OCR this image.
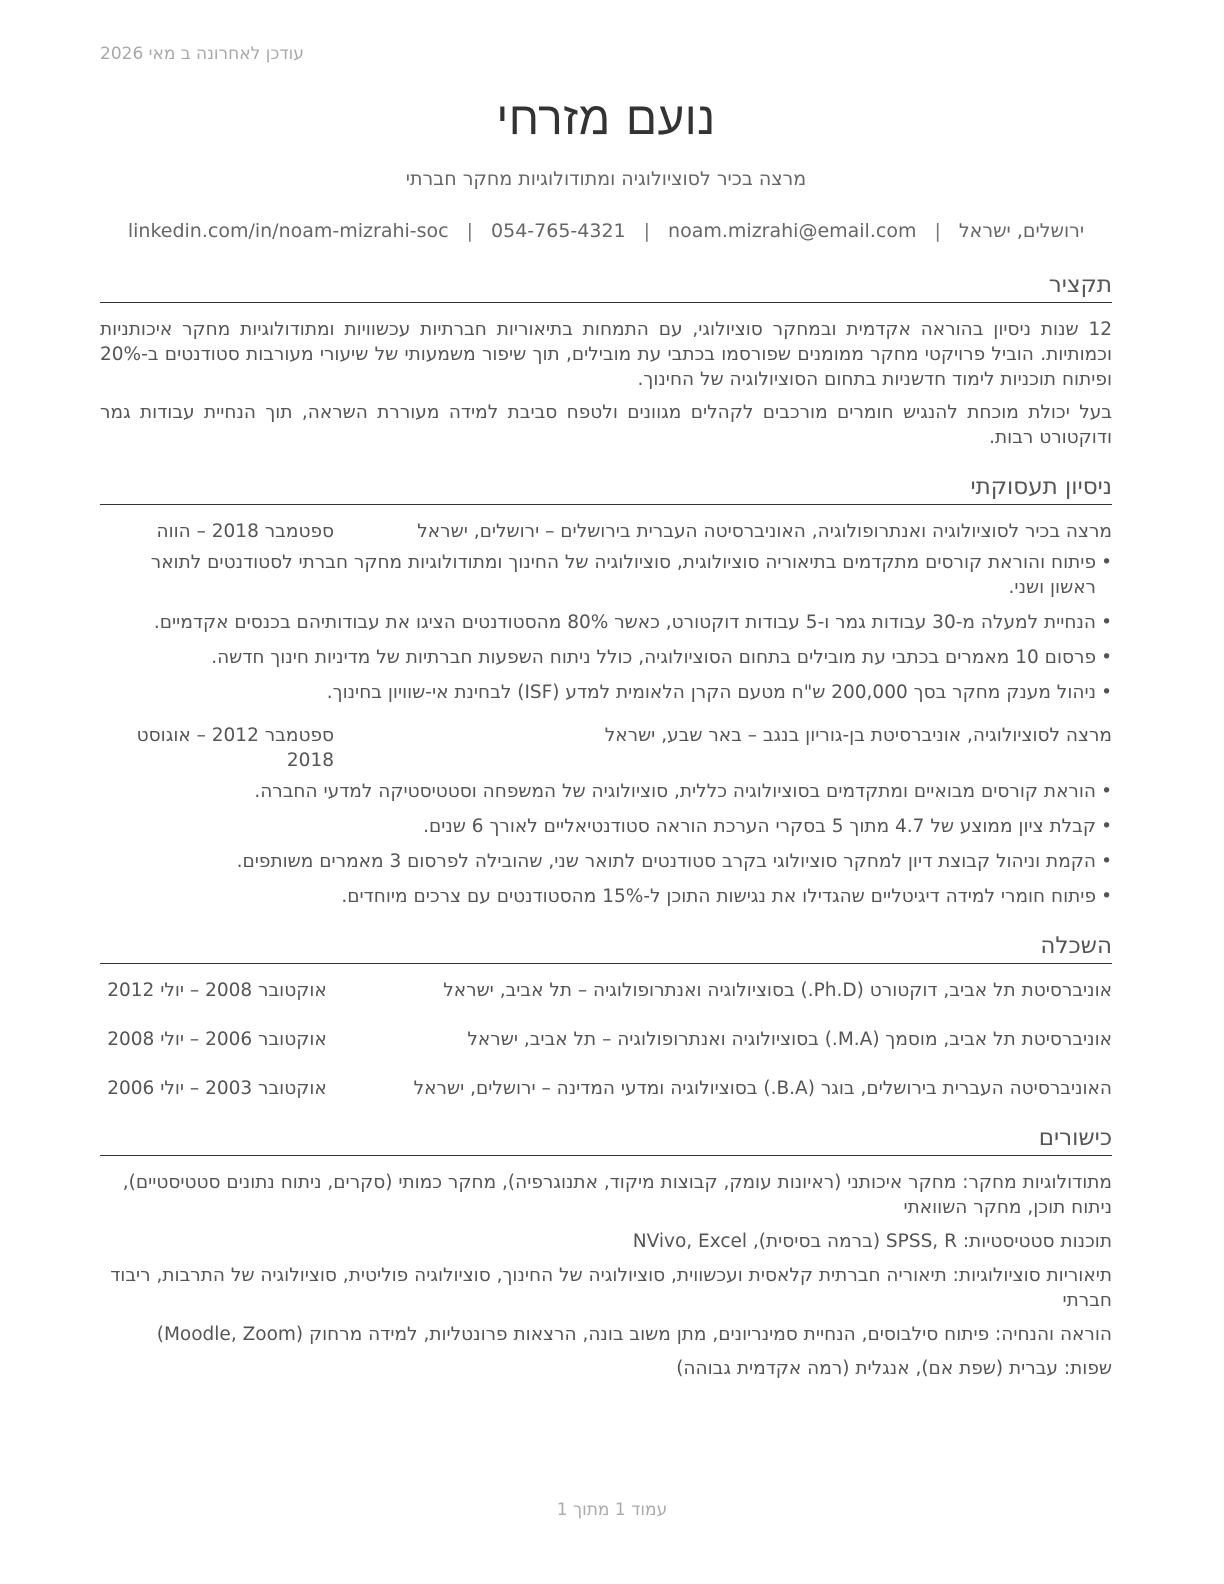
עודכן לאחרונה ב מאי 2026
נועם מזרחי
מרצה בכיר לסוציולוגיה ומתודולוגיות מחקר חברתי
ירושלים, ישראל
|
noam.mizrahi@email.com
|
054-765-4321
|
linkedin.com/in/noam-mizrahi-soc
תקציר

12 שנות ניסיון בהוראה אקדמית ובמחקר סוציולוגי, עם התמחות בתיאוריות חברתיות עכשוויות ומתודולוגיות מחקר איכותניות וכמותיות. הוביל פרויקטי מחקר ממומנים שפורסמו בכתבי עת מובילים, תוך שיפור משמעותי של שיעורי מעורבות סטודנטים ב-20% ופיתוח תוכניות לימוד חדשניות בתחום הסוציולוגיה של החינוך.

בעל יכולת מוכחת להנגיש חומרים מורכבים לקהלים מגוונים ולטפח סביבת למידה מעוררת השראה, תוך הנחיית עבודות גמר ודוקטורט רבות.

ניסיון תעסוקתי
מרצה בכיר לסוציולוגיה ואנתרופולוגיה, האוניברסיטה העברית בירושלים – ירושלים, ישראל
ספטמבר 2018 – הווה
• פיתוח והוראת קורסים מתקדמים בתיאוריה סוציולוגית, סוציולוגיה של החינוך ומתודולוגיות מחקר חברתי לסטודנטים לתואר ראשון ושני.
• הנחיית למעלה מ-30 עבודות גמר ו-5 עבודות דוקטורט, כאשר 80% מהסטודנטים הציגו את עבודותיהם בכנסים אקדמיים.
• פרסום 10 מאמרים בכתבי עת מובילים בתחום הסוציולוגיה, כולל ניתוח השפעות חברתיות של מדיניות חינוך חדשה.
• ניהול מענק מחקר בסך 200,000 ש"ח מטעם הקרן הלאומית למדע (ISF) לבחינת אי-שוויון בחינוך.
מרצה לסוציולוגיה, אוניברסיטת בן-גוריון בנגב – באר שבע, ישראל
ספטמבר 2012 – אוגוסט 2018
• הוראת קורסים מבואיים ומתקדמים בסוציולוגיה כללית, סוציולוגיה של המשפחה וסטטיסטיקה למדעי החברה.
• קבלת ציון ממוצע של 4.7 מתוך 5 בסקרי הערכת הוראה סטודנטיאליים לאורך 6 שנים.
• הקמת וניהול קבוצת דיון למחקר סוציולוגי בקרב סטודנטים לתואר שני, שהובילה לפרסום 3 מאמרים משותפים.
• פיתוח חומרי למידה דיגיטליים שהגדילו את נגישות התוכן ל-15% מהסטודנטים עם צרכים מיוחדים.
השכלה
אוניברסיטת תל אביב, דוקטורט (Ph.D.) בסוציולוגיה ואנתרופולוגיה – תל אביב, ישראל
אוקטובר 2008 – יולי 2012
אוניברסיטת תל אביב, מוסמך (M.A.) בסוציולוגיה ואנתרופולוגיה – תל אביב, ישראל
אוקטובר 2006 – יולי 2008
האוניברסיטה העברית בירושלים, בוגר (B.A.) בסוציולוגיה ומדעי המדינה – ירושלים, ישראל
אוקטובר 2003 – יולי 2006
כישורים
מתודולוגיות מחקר: מחקר איכותני (ראיונות עומק, קבוצות מיקוד, אתנוגרפיה), מחקר כמותי (סקרים, ניתוח נתונים סטטיסטיים), ניתוח תוכן, מחקר השוואתי
תוכנות סטטיסטיות: SPSS, R (ברמה בסיסית), NVivo, Excel
תיאוריות סוציולוגיות: תיאוריה חברתית קלאסית ועכשווית, סוציולוגיה של החינוך, סוציולוגיה פוליטית, סוציולוגיה של התרבות, ריבוד חברתי
הוראה והנחיה: פיתוח סילבוסים, הנחיית סמינריונים, מתן משוב בונה, הרצאות פרונטליות, למידה מרחוק (Moodle, Zoom)
שפות: עברית (שפת אם), אנגלית (רמה אקדמית גבוהה)
עמוד 1 מתוך 1
